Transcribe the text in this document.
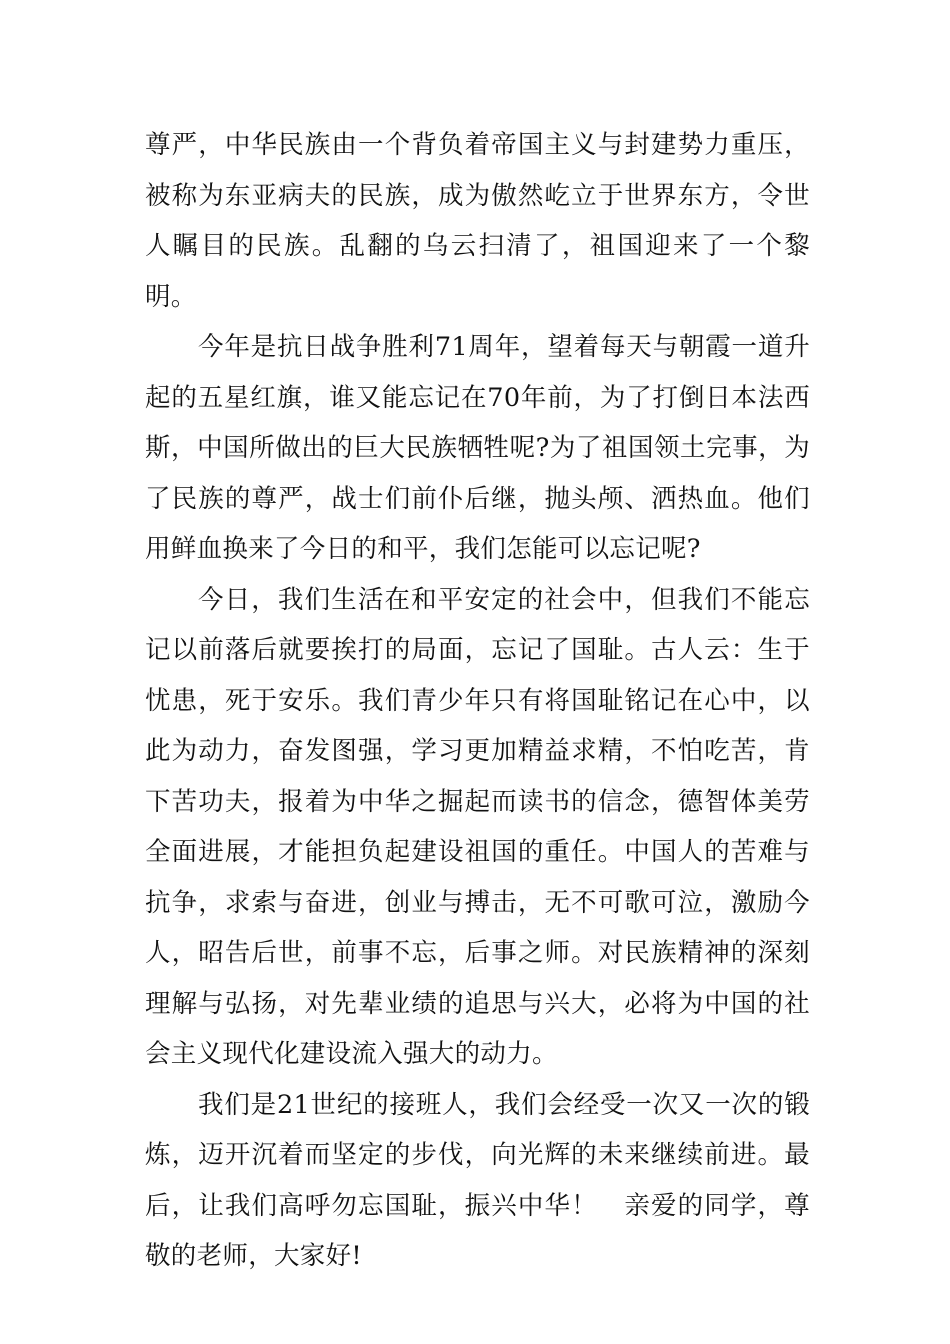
尊严，中华民族由一个背负着帝国主义与封建势力重压，被称为东亚病夫的民族，成为傲然屹立于世界东方，令世人瞩目的民族。乱翻的乌云扫清了，祖国迎来了一个黎明。

今年是抗日战争胜利71周年，望着每天与朝霞一道升起的五星红旗，谁又能忘记在70年前，为了打倒日本法西斯，中国所做出的巨大民族牺牲呢?为了祖国领土完事，为了民族的尊严，战士们前仆后继，抛头颅、洒热血。他们用鲜血换来了今日的和平，我们怎能可以忘记呢?

今日，我们生活在和平安定的社会中，但我们不能忘记以前落后就要挨打的局面，忘记了国耻。古人云：生于忧患，死于安乐。我们青少年只有将国耻铭记在心中，以此为动力，奋发图强，学习更加精益求精，不怕吃苦，肯下苦功夫，报着为中华之掘起而读书的信念，德智体美劳全面进展，才能担负起建设祖国的重任。中国人的苦难与抗争，求索与奋进，创业与搏击，无不可歌可泣，激励今人，昭告后世，前事不忘，后事之师。对民族精神的深刻理解与弘扬，对先辈业绩的追思与兴大，必将为中国的社会主义现代化建设流入强大的动力。

我们是21世纪的接班人，我们会经受一次又一次的锻炼，迈开沉着而坚定的步伐，向光辉的未来继续前进。最后，让我们高呼勿忘国耻，振兴中华！　亲爱的同学，尊敬的老师，大家好!
